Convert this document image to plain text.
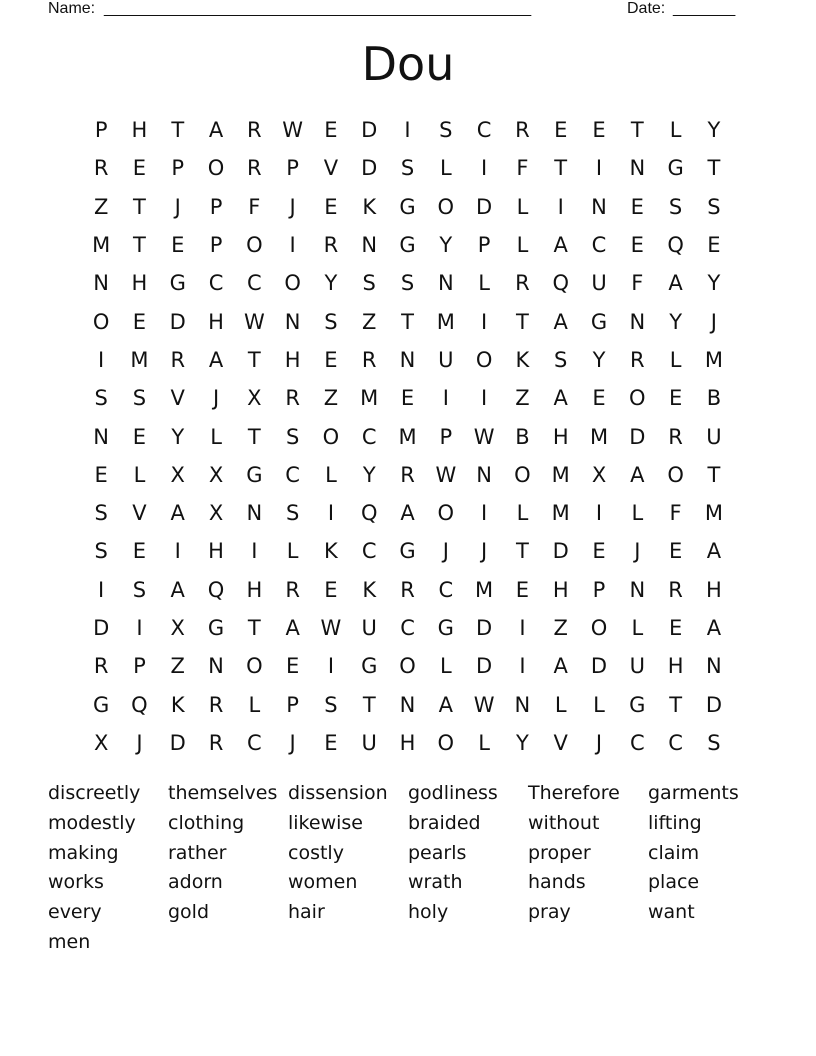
Name: ________________________________________________	Date: _______
Dou
P	H	T	A	R W	E	D	I	S	C	R	E	E	T	L	Y
R	E	P	O	R	P	V	D	S	L	I	F	T	I	N	G	T
Z	T	J	P	F	J	E	K	G	O	D	L	I	N	E	S	S
M	T	E	P	O	I	R	N	G	Y	P	L	A	C	E	Q	E
N	H	G	C	C	O	Y	S	S	N	L	R	Q	U	F	A	Y
O	E	D	H W N	S	Z	T	M	I	T	A	G	N	Y	J
I	M	R	A	T	H	E	R	N	U	O	K	S	Y	R	L	M
S	S	V	J	X	R	Z	M	E	I	I	Z	A	E	O	E	B
N	E	Y	L	T	S	O	C	M	P	W B	H	M	D	R	U
E	L	X	X	G	C	L	Y	R W N	O M	X	A	O	T
S	V	A	X	N	S	I	Q	A	O	I	L	M	I	L	F	M
S	E	I	H	I	L	K	C	G	J	J	T	D	E	J	E	A
I	S	A	Q	H	R	E	K	R	C	M	E	H	P	N	R	H
D	I	X	G	T	A W U	C	G	D	I	Z	O	L	E	A
R	P	Z	N	O	E	I	G	O	L	D	I	A	D	U	H	N
G	Q	K	R	L	P	S	T	N	A W N	L	L	G	T	D
X	J	D	R	C	J	E	U	H	O	L	Y	V	J	C	C	S
discreetly	themselves dissension	godliness	Therefore	garments
modestly	clothing	likewise	braided	without	lifting
making	rather	costly	pearls	proper	claim
works	adorn	women	wrath	hands	place
every	gold	hair	holy	pray	want
men
